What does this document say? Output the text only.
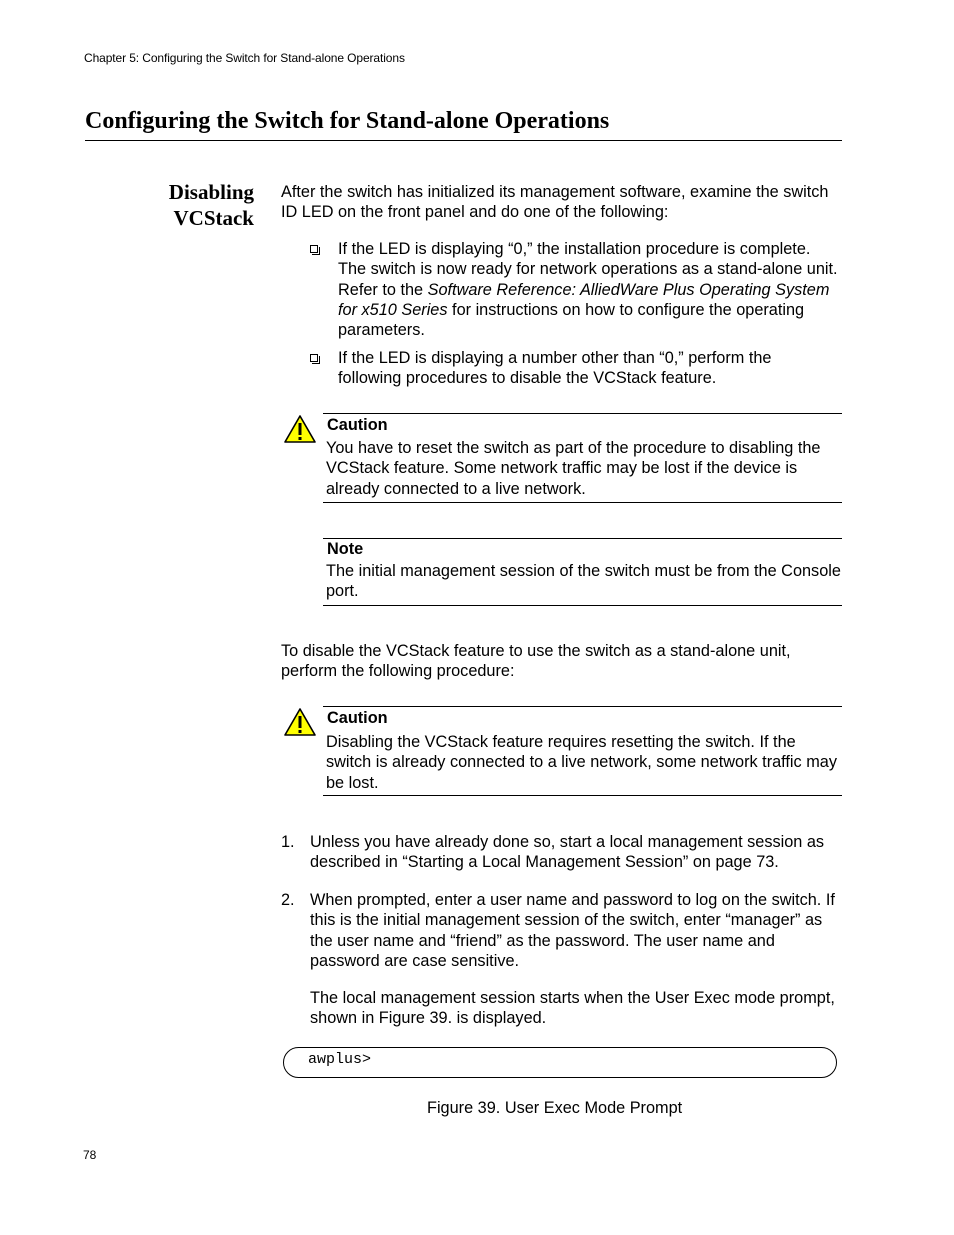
Chapter 5: Configuring the Switch for Stand-alone Operations
Configuring the Switch for Stand-alone Operations
Disabling
VCStack
After the switch has initialized its management software, examine the switch ID LED on the front panel and do one of the following:
If the LED is displaying “0,” the installation procedure is complete. The switch is now ready for network operations as a stand-alone unit. Refer to the Software Reference: AlliedWare Plus Operating System for x510 Series for instructions on how to configure the operating parameters.
If the LED is displaying a number other than “0,” perform the following procedures to disable the VCStack feature.
Caution
You have to reset the switch as part of the procedure to disabling the VCStack feature. Some network traffic may be lost if the device is already connected to a live network.
Note
The initial management session of the switch must be from the Console port.
To disable the VCStack feature to use the switch as a stand-alone unit, perform the following procedure:
Caution
Disabling the VCStack feature requires resetting the switch. If the switch is already connected to a live network, some network traffic may be lost.
1. Unless you have already done so, start a local management session as described in “Starting a Local Management Session” on page 73.
2. When prompted, enter a user name and password to log on the switch. If this is the initial management session of the switch, enter “manager” as the user name and “friend” as the password. The user name and password are case sensitive.
The local management session starts when the User Exec mode prompt, shown in Figure 39. is displayed.
awplus>
Figure 39. User Exec Mode Prompt
78
